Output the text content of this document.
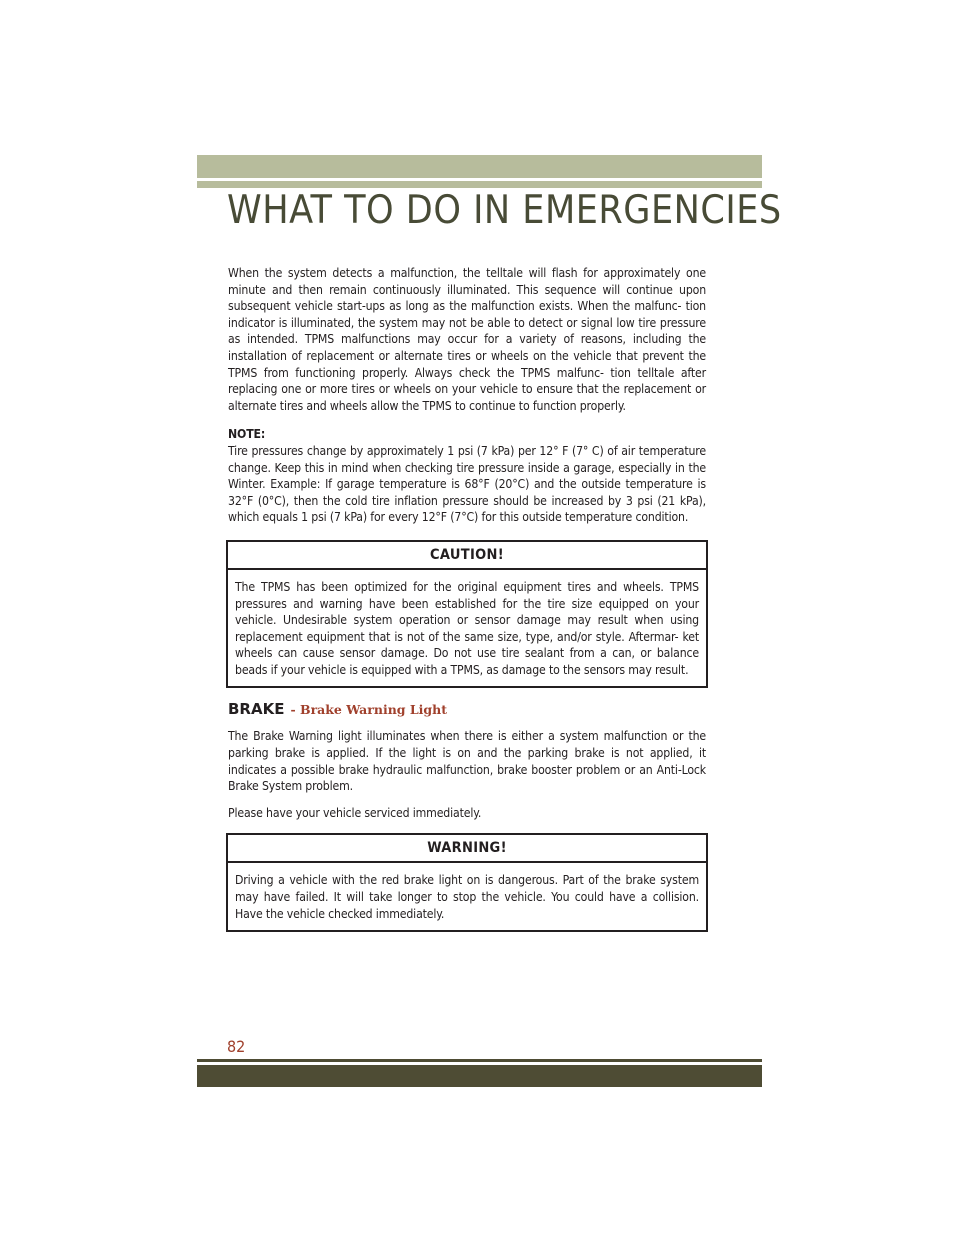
WHAT TO DO IN EMERGENCIES

When the system detects a malfunction, the telltale will flash for approximately one minute and then remain continuously illuminated. This sequence will continue upon subsequent vehicle start-ups as long as the malfunction exists. When the malfunc- tion indicator is illuminated, the system may not be able to detect or signal low tire pressure as intended. TPMS malfunctions may occur for a variety of reasons, including the installation of replacement or alternate tires or wheels on the vehicle that prevent the TPMS from functioning properly. Always check the TPMS malfunc- tion telltale after replacing one or more tires or wheels on your vehicle to ensure that the replacement or alternate tires and wheels allow the TPMS to continue to function properly.

NOTE:

Tire pressures change by approximately 1 psi (7 kPa) per 12° F (7° C) of air temperature change. Keep this in mind when checking tire pressure inside a garage, especially in the Winter. Example: If garage temperature is 68°F (20°C) and the outside temperature is 32°F (0°C), then the cold tire inflation pressure should be increased by 3 psi (21 kPa), which equals 1 psi (7 kPa) for every 12°F (7°C) for this outside temperature condition.

CAUTION!

The TPMS has been optimized for the original equipment tires and wheels. TPMS pressures and warning have been established for the tire size equipped on your vehicle. Undesirable system operation or sensor damage may result when using replacement equipment that is not of the same size, type, and/or style. Aftermar- ket wheels can cause sensor damage. Do not use tire sealant from a can, or balance beads if your vehicle is equipped with a TPMS, as damage to the sensors may result.

BRAKE - Brake Warning Light

The Brake Warning light illuminates when there is either a system malfunction or the parking brake is applied. If the light is on and the parking brake is not applied, it indicates a possible brake hydraulic malfunction, brake booster problem or an Anti-Lock Brake System problem.

Please have your vehicle serviced immediately.

WARNING!

Driving a vehicle with the red brake light on is dangerous. Part of the brake system may have failed. It will take longer to stop the vehicle. You could have a collision. Have the vehicle checked immediately.

82
